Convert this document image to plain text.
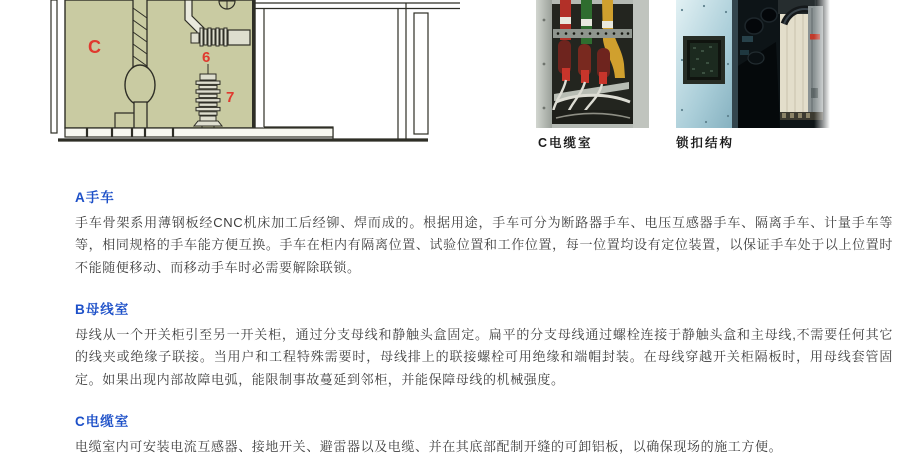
C
6
7
C电缆室	锁扣结构
A手车

手车骨架系用薄钢板经CNC机床加工后经铆、焊而成的。根据用途，手车可分为断路器手车、电压互感器手车、隔离手车、计量手车等等，相同规格的手车能方便互换。手车在柜内有隔离位置、试验位置和工作位置，每一位置均设有定位装置，以保证手车处于以上位置时不能随便移动、而移动手车时必需要解除联锁。

B母线室

母线从一个开关柜引至另一开关柜，通过分支母线和静触头盒固定。扁平的分支母线通过螺栓连接于静触头盒和主母线,不需要任何其它的线夹或绝缘子联接。当用户和工程特殊需要时，母线排上的联接螺栓可用绝缘和端帽封装。在母线穿越开关柜隔板时，用母线套管固定。如果出现内部故障电弧，能限制事故蔓延到邻柜，并能保障母线的机械强度。

C电缆室

电缆室内可安装电流互感器、接地开关、避雷器以及电缆、并在其底部配制开缝的可卸铝板，以确保现场的施工方便。
